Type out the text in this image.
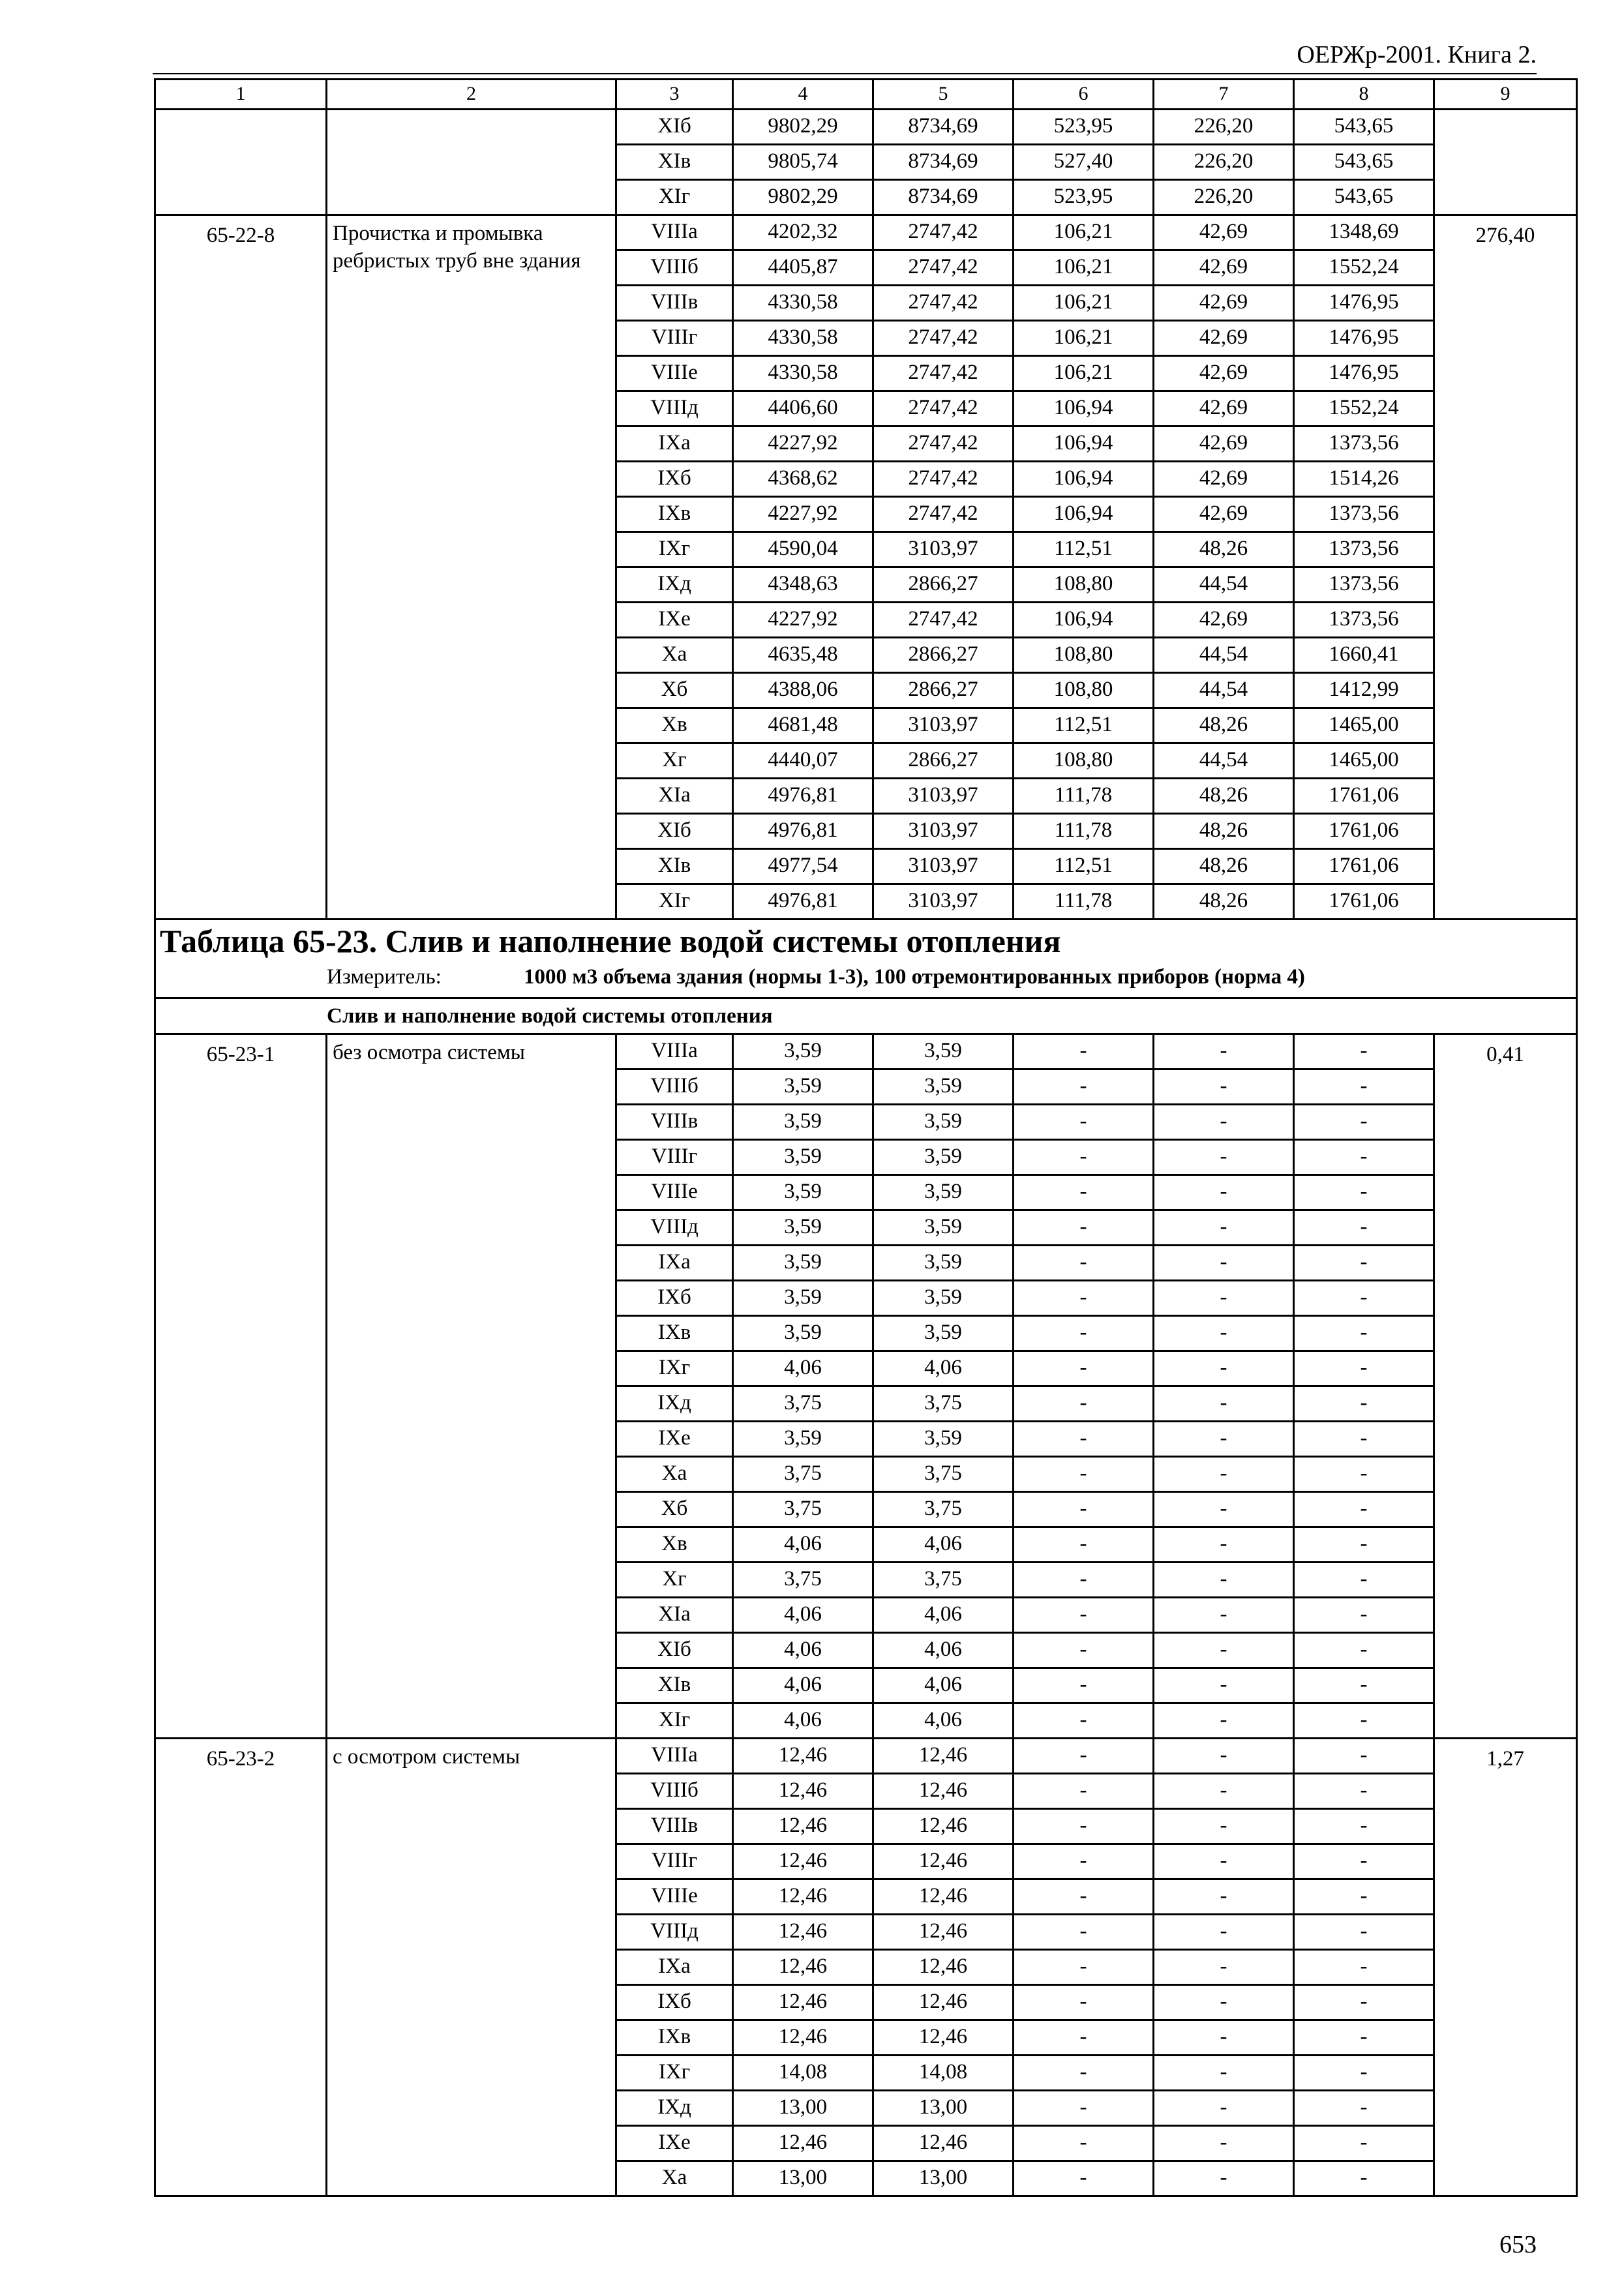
ОЕРЖр-2001. Книга 2.
1	2	3	4	5	6	7	8	9
		XIб	9802,29	8734,69	523,95	226,20	543,65	
		XIв	9805,74	8734,69	527,40	226,20	543,65	
		XIг	9802,29	8734,69	523,95	226,20	543,65	
65-22-8	Прочистка и промывка ребристых труб вне здания	VIIIа	4202,32	2747,42	106,21	42,69	1348,69	276,40
		VIIIб	4405,87	2747,42	106,21	42,69	1552,24	
		VIIIв	4330,58	2747,42	106,21	42,69	1476,95	
		VIIIг	4330,58	2747,42	106,21	42,69	1476,95	
		VIIIе	4330,58	2747,42	106,21	42,69	1476,95	
		VIIIд	4406,60	2747,42	106,94	42,69	1552,24	
		IXа	4227,92	2747,42	106,94	42,69	1373,56	
		IXб	4368,62	2747,42	106,94	42,69	1514,26	
		IXв	4227,92	2747,42	106,94	42,69	1373,56	
		IXг	4590,04	3103,97	112,51	48,26	1373,56	
		IXд	4348,63	2866,27	108,80	44,54	1373,56	
		IXе	4227,92	2747,42	106,94	42,69	1373,56	
		Xа	4635,48	2866,27	108,80	44,54	1660,41	
		Xб	4388,06	2866,27	108,80	44,54	1412,99	
		Xв	4681,48	3103,97	112,51	48,26	1465,00	
		Xг	4440,07	2866,27	108,80	44,54	1465,00	
		XIа	4976,81	3103,97	111,78	48,26	1761,06	
		XIб	4976,81	3103,97	111,78	48,26	1761,06	
		XIв	4977,54	3103,97	112,51	48,26	1761,06	
		XIг	4976,81	3103,97	111,78	48,26	1761,06	

Таблица 65-23. Слив и наполнение водой системы отопления
Измеритель: 1000 м3 объема здания (нормы 1-3), 100 отремонтированных приборов (норма 4)								

Слив и наполнение водой системы отопления								
65-23-1	без осмотра системы	VIIIа	3,59	3,59	-	-	-	0,41
		VIIIб	3,59	3,59	-	-	-	
		VIIIв	3,59	3,59	-	-	-	
		VIIIг	3,59	3,59	-	-	-	
		VIIIе	3,59	3,59	-	-	-	
		VIIIд	3,59	3,59	-	-	-	
		IXа	3,59	3,59	-	-	-	
		IXб	3,59	3,59	-	-	-	
		IXв	3,59	3,59	-	-	-	
		IXг	4,06	4,06	-	-	-	
		IXд	3,75	3,75	-	-	-	
		IXе	3,59	3,59	-	-	-	
		Xа	3,75	3,75	-	-	-	
		Xб	3,75	3,75	-	-	-	
		Xв	4,06	4,06	-	-	-	
		Xг	3,75	3,75	-	-	-	
		XIа	4,06	4,06	-	-	-	
		XIб	4,06	4,06	-	-	-	
		XIв	4,06	4,06	-	-	-	
		XIг	4,06	4,06	-	-	-	
65-23-2	с осмотром системы	VIIIа	12,46	12,46	-	-	-	1,27
		VIIIб	12,46	12,46	-	-	-	
		VIIIв	12,46	12,46	-	-	-	
		VIIIг	12,46	12,46	-	-	-	
		VIIIе	12,46	12,46	-	-	-	
		VIIIд	12,46	12,46	-	-	-	
		IXа	12,46	12,46	-	-	-	
		IXб	12,46	12,46	-	-	-	
		IXв	12,46	12,46	-	-	-	
		IXг	14,08	14,08	-	-	-	
		IXд	13,00	13,00	-	-	-	
		IXе	12,46	12,46	-	-	-	
		Xа	13,00	13,00	-	-	-	
653
